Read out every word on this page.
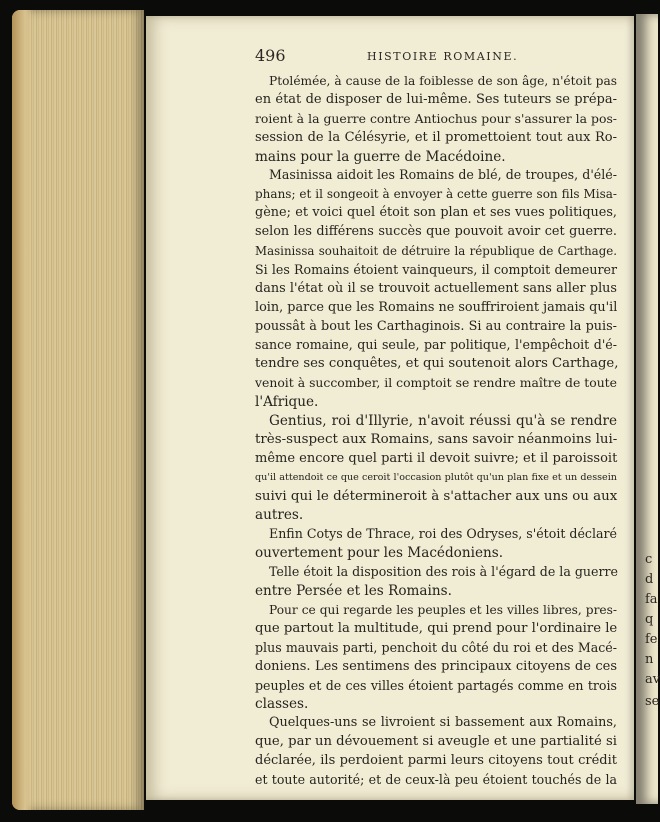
c
d
fa
q
fe
n
av
se
496	HISTOIRE ROMAINE.
Ptolémée, à cause de la foiblesse de son âge, n'étoit pas
en état de disposer de lui-même. Ses tuteurs se prépa-
roient à la guerre contre Antiochus pour s'assurer la pos-
session de la Célésyrie, et il promettoient tout aux Ro-
mains pour la guerre de Macédoine.
Masinissa aidoit les Romains de blé, de troupes, d'élé-
phans; et il songeoit à envoyer à cette guerre son fils Misa-
gène; et voici quel étoit son plan et ses vues politiques,
selon les différens succès que pouvoit avoir cet guerre.
Masinissa souhaitoit de détruire la république de Carthage.
Si les Romains étoient vainqueurs, il comptoit demeurer
dans l'état où il se trouvoit actuellement sans aller plus
loin, parce que les Romains ne souffriroient jamais qu'il
poussât à bout les Carthaginois. Si au contraire la puis-
sance romaine, qui seule, par politique, l'empêchoit d'é-
tendre ses conquêtes, et qui soutenoit alors Carthage,
venoit à succomber, il comptoit se rendre maître de toute
l'Afrique.
Gentius, roi d'Illyrie, n'avoit réussi qu'à se rendre
très-suspect aux Romains, sans savoir néanmoins lui-
même encore quel parti il devoit suivre; et il paroissoit
qu'il attendoit ce que ceroit l'occasion plutôt qu'un plan fixe et un dessein
suivi qui le détermineroit à s'attacher aux uns ou aux
autres.
Enfin Cotys de Thrace, roi des Odryses, s'étoit déclaré
ouvertement pour les Macédoniens.
Telle étoit la disposition des rois à l'égard de la guerre
entre Persée et les Romains.
Pour ce qui regarde les peuples et les villes libres, pres-
que partout la multitude, qui prend pour l'ordinaire le
plus mauvais parti, penchoit du côté du roi et des Macé-
doniens. Les sentimens des principaux citoyens de ces
peuples et de ces villes étoient partagés comme en trois
classes.
Quelques-uns se livroient si bassement aux Romains,
que, par un dévouement si aveugle et une partialité si
déclarée, ils perdoient parmi leurs citoyens tout crédit
et toute autorité; et de ceux-là peu étoient touchés de la
